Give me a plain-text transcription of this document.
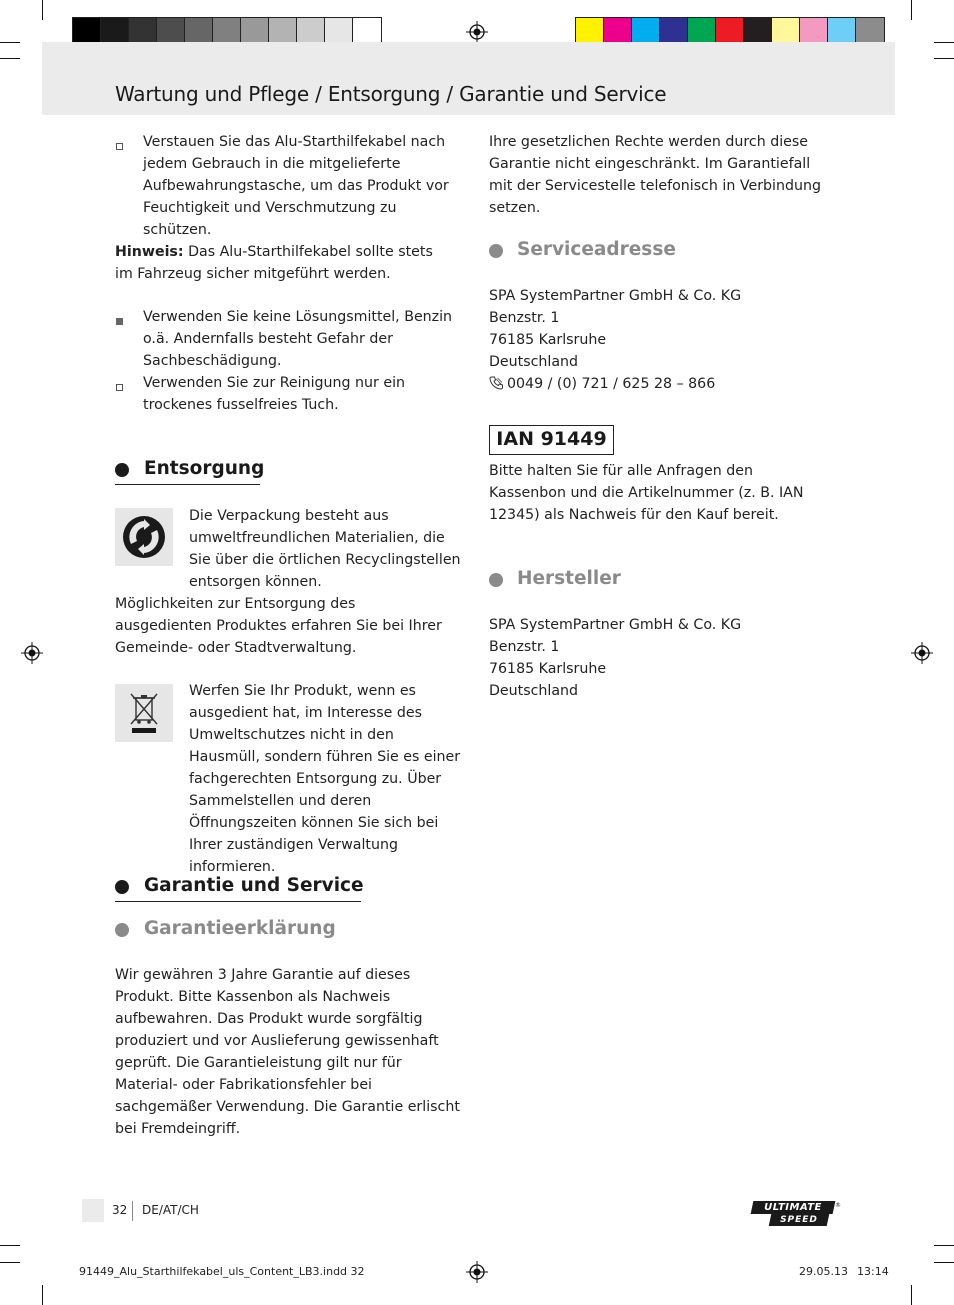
Wartung und Pflege / Entsorgung / Garantie und Service
Verstauen Sie das Alu-Starthilfekabel nach jedem Gebrauch in die mitgelieferte Aufbewahrungstasche, um das Produkt vor Feuchtigkeit und Verschmutzung zu schützen.
Hinweis: Das Alu-Starthilfekabel sollte stets im Fahrzeug sicher mitgeführt werden.
Verwenden Sie keine Lösungsmittel, Benzin o.ä. Andernfalls besteht Gefahr der Sachbeschädigung.
Verwenden Sie zur Reinigung nur ein trockenes fusselfreies Tuch.
Entsorgung
Die Verpackung besteht aus umweltfreundlichen Materialien, die Sie über die örtlichen Recyclingstellen entsorgen können.
Möglichkeiten zur Entsorgung des ausgedienten Produktes erfahren Sie bei Ihrer Gemeinde- oder Stadtverwaltung.
Werfen Sie Ihr Produkt, wenn es ausgedient hat, im Interesse des Umweltschutzes nicht in den Hausmüll, sondern führen Sie es einer fachgerechten Entsorgung zu. Über Sammelstellen und deren Öffnungszeiten können Sie sich bei Ihrer zuständigen Verwaltung informieren.
Garantie und Service
Garantieerklärung
Wir gewähren 3 Jahre Garantie auf dieses Produkt. Bitte Kassenbon als Nachweis aufbewahren. Das Produkt wurde sorgfältig produziert und vor Auslieferung gewissenhaft geprüft. Die Garantieleistung gilt nur für Material- oder Fabrikationsfehler bei sachgemäßer Verwendung. Die Garantie erlischt bei Fremdeingriff.
Ihre gesetzlichen Rechte werden durch diese Garantie nicht eingeschränkt. Im Garantiefall mit der Servicestelle telefonisch in Verbindung setzen.
Serviceadresse
SPA SystemPartner GmbH & Co. KG
Benzstr. 1
76185 Karlsruhe
Deutschland
0049 / (0) 721 / 625 28 – 866
IAN 91449
Bitte halten Sie für alle Anfragen den Kassenbon und die Artikelnummer (z. B. IAN 12345) als Nachweis für den Kauf bereit.
Hersteller
SPA SystemPartner GmbH & Co. KG
Benzstr. 1
76185 Karlsruhe
Deutschland
32 DE/AT/CH	ULTIMATE
SPEED
®
91449_Alu_Starthilfekabel_uls_Content_LB3.indd 32	29.05.13 13:14
